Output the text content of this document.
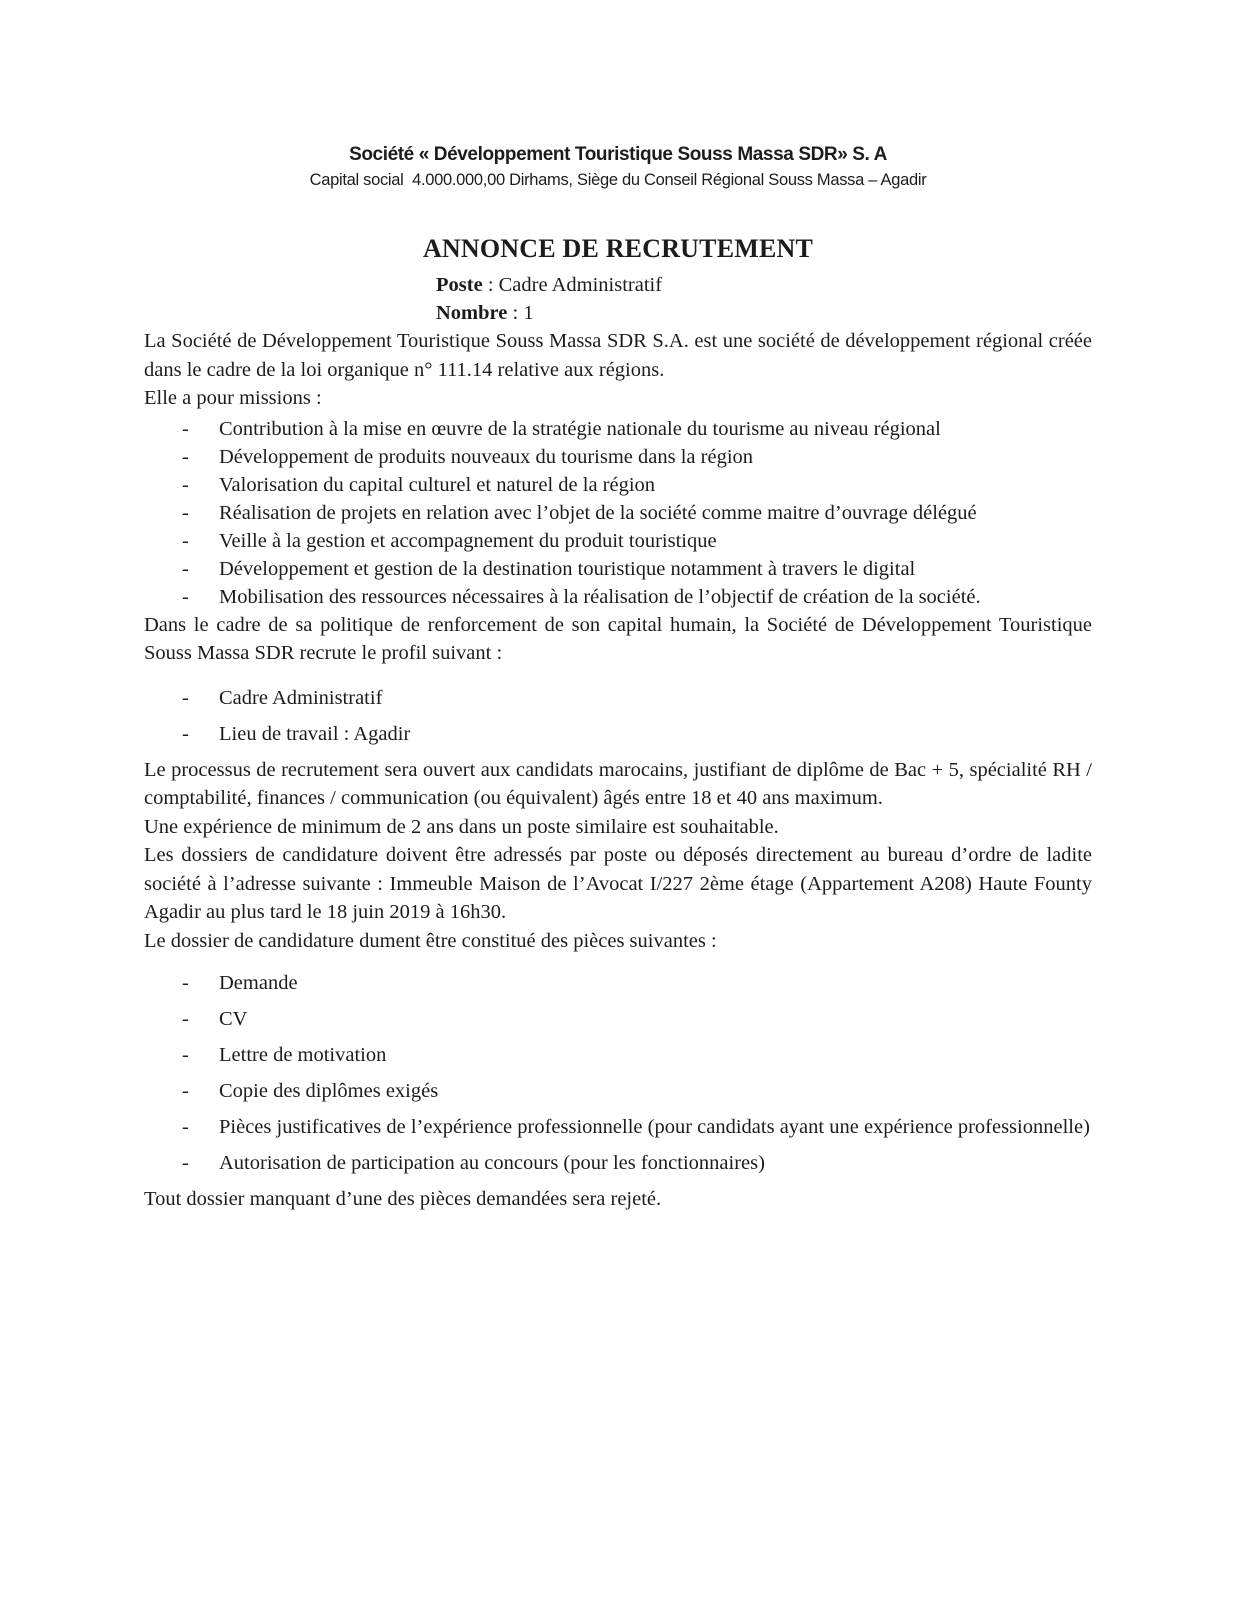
Société « Développement Touristique Souss Massa SDR» S. A
Capital social  4.000.000,00 Dirhams, Siège du Conseil Régional Souss Massa – Agadir
ANNONCE DE RECRUTEMENT
Poste : Cadre Administratif
Nombre : 1

La Société de Développement Touristique Souss Massa SDR S.A. est une société de développement régional créée dans le cadre de la loi organique n° 111.14 relative aux régions.

Elle a pour missions :

-	Contribution à la mise en œuvre de la stratégie nationale du tourisme au niveau régional
-	Développement de produits nouveaux du tourisme dans la région
-	Valorisation du capital culturel et naturel de la région
-	Réalisation de projets en relation avec l’objet de la société comme maitre d’ouvrage délégué
-	Veille à la gestion et accompagnement du produit touristique
-	Développement et gestion de la destination touristique notamment à travers le digital
-	Mobilisation des ressources nécessaires à la réalisation de l’objectif de création de la société.

Dans le cadre de sa politique de renforcement de son capital humain, la Société de Développement Touristique Souss Massa SDR recrute le profil suivant :

-	Cadre Administratif
-	Lieu de travail : Agadir

Le processus de recrutement sera ouvert aux candidats marocains, justifiant de diplôme de Bac + 5, spécialité RH / comptabilité, finances / communication (ou équivalent) âgés entre 18 et 40 ans maximum.

Une expérience de minimum de 2 ans dans un poste similaire est souhaitable.

Les dossiers de candidature doivent être adressés par poste ou déposés directement au bureau d’ordre de ladite société à l’adresse suivante : Immeuble Maison de l’Avocat I/227 2ème étage (Appartement A208) Haute Founty Agadir au plus tard le 18 juin 2019 à 16h30.

Le dossier de candidature dument être constitué des pièces suivantes :

-	Demande
-	CV
-	Lettre de motivation
-	Copie des diplômes exigés
-	Pièces justificatives de l’expérience professionnelle (pour candidats ayant une expérience professionnelle)
-	Autorisation de participation au concours (pour les fonctionnaires)

Tout dossier manquant d’une des pièces demandées sera rejeté.
